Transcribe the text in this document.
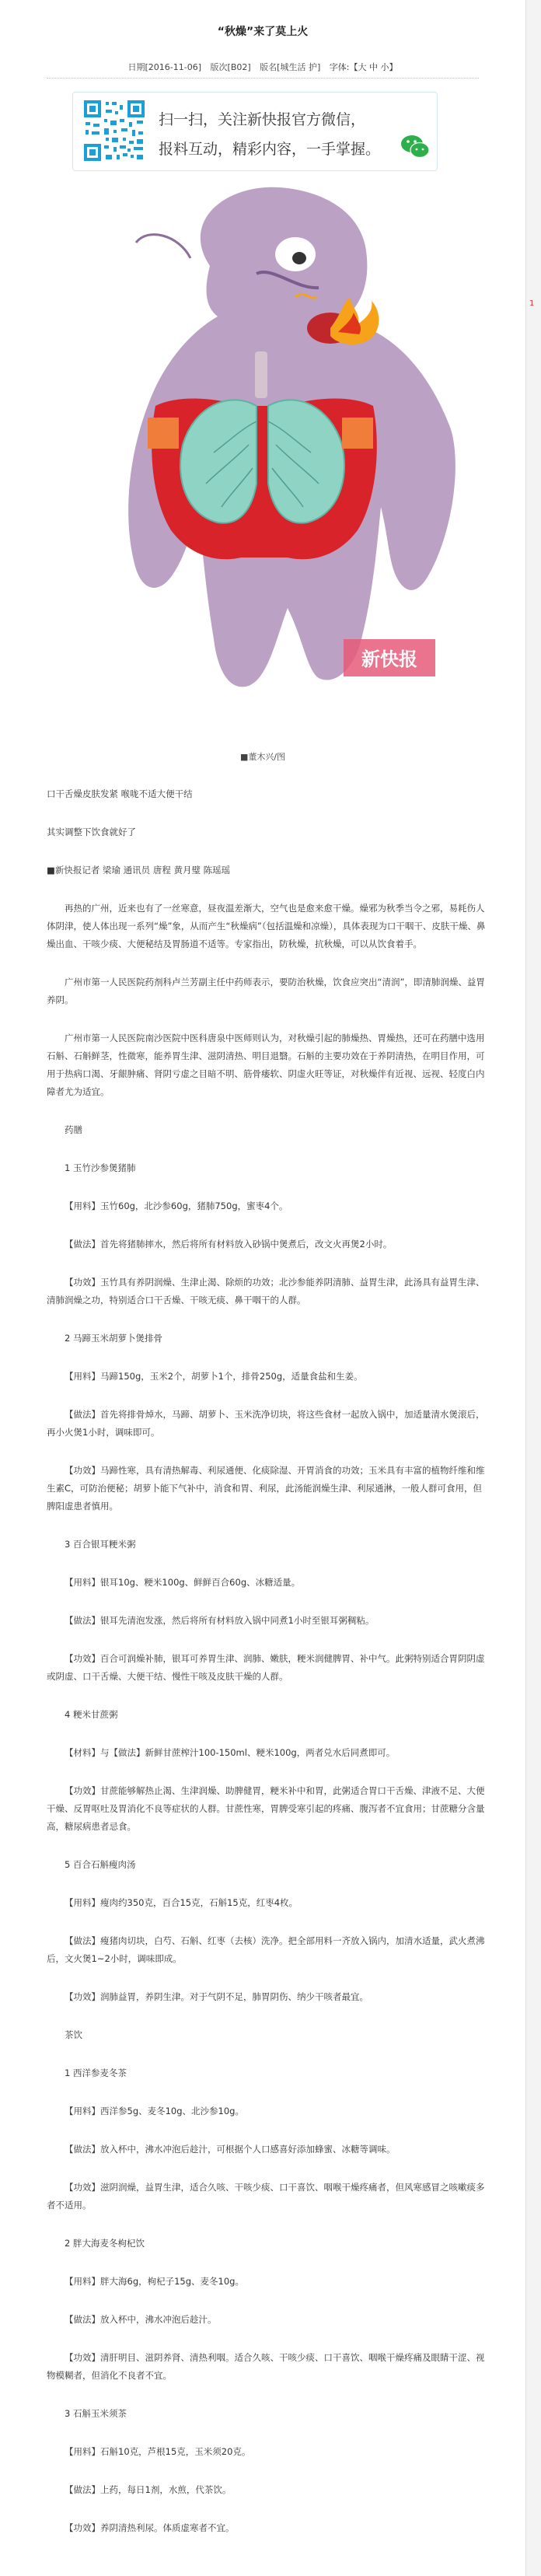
“秋燥”来了莫上火
日期[2016-11-06] 版次[B02] 版名[城生活 护] 字体:【大 中 小】
扫一扫，关注新快报官方微信，
报料互动，精彩内容，一手掌握。
新快报
■董木兴/图

口干舌燥皮肤发紧 喉咙不适大便干结

其实调整下饮食就好了

■新快报记者 梁瑜 通讯员 唐程 黄月璧 陈瑶瑶

再热的广州，近来也有了一丝寒意，昼夜温差渐大，空气也是愈来愈干燥。燥邪为秋季当令之邪，易耗伤人体阴津，使人体出现一系列“燥”象，从而产生“秋燥病”（包括温燥和凉燥），具体表现为口干咽干、皮肤干燥、鼻燥出血、干咳少痰、大便秘结及胃肠道不适等。专家指出，防秋燥，抗秋燥，可以从饮食着手。

广州市第一人民医院药剂科卢兰芳副主任中药师表示，要防治秋燥，饮食应突出“清润”，即清肺润燥、益胃养阴。

广州市第一人民医院南沙医院中医科唐泉中医师则认为，对秋燥引起的肺燥热、胃燥热，还可在药膳中选用石斛、石斛鲜茎，性微寒，能养胃生津、滋阴清热、明目退翳。石斛的主要功效在于养阴清热，在明目作用，可用于热病口渴、牙龈肿痛、肾阴亏虚之目暗不明、筋骨痿软、阴虚火旺等证，对秋燥伴有近视、远视、轻度白内障者尤为适宜。

药膳

1 玉竹沙参煲猪肺

【用料】玉竹60g，北沙参60g，猪肺750g，蜜枣4个。

【做法】首先将猪肺摔水，然后将所有材料放入砂锅中煲煮后，改文火再煲2小时。

【功效】玉竹具有养阴润燥、生津止渴、除烦的功效；北沙参能养阴清肺、益胃生津，此汤具有益胃生津、清肺润燥之功，特别适合口干舌燥、干咳无痰、鼻干咽干的人群。

2 马蹄玉米胡萝卜煲排骨

【用料】马蹄150g，玉米2个，胡萝卜1个，排骨250g，适量食盐和生姜。

【做法】首先将排骨焯水，马蹄、胡萝卜、玉米洗净切块，将这些食材一起放入锅中，加适量清水煲滚后，再小火煲1小时，调味即可。

【功效】马蹄性寒，具有清热解毒、利尿通便、化痰除湿、开胃消食的功效；玉米具有丰富的植物纤维和维生素C，可防治便秘；胡萝卜能下气补中，消食和胃、利尿，此汤能润燥生津、利尿通淋，一般人群可食用，但脾阳虚患者慎用。

3 百合银耳粳米粥

【用料】银耳10g、粳米100g、鲜鲜百合60g、冰糖适量。

【做法】银耳先清泡发涨，然后将所有材料放入锅中同煮1小时至银耳粥稠粘。

【功效】百合可润燥补肺，银耳可养胃生津、润肺、嫩肤，粳米润健脾胃、补中气。此粥特别适合胃阴阴虚或阴虚、口干舌燥、大便干结、慢性干咳及皮肤干燥的人群。

4 粳米甘蔗粥

【材料】与【做法】新鲜甘蔗榨汁100-150ml、粳米100g，两者兑水后同煮即可。

【功效】甘蔗能够解热止渴、生津润燥、助脾健胃，粳米补中和胃，此粥适合胃口干舌燥、津液不足、大便干燥、反胃呕吐及胃消化不良等症状的人群。甘蔗性寒，胃脾受寒引起的疼痛、腹泻者不宜食用；甘蔗糖分含量高，糖尿病患者忌食。

5 百合石斛瘦肉汤

【用料】瘦肉约350克，百合15克，石斛15克，红枣4枚。

【做法】瘦猪肉切块，白芍、石斛、红枣（去核）洗净。把全部用料一齐放入锅内，加清水适量，武火煮沸后，文火煲1~2小时，调味即成。

【功效】润肺益胃，养阴生津。对于气阴不足，肺胃阴伤、纳少干咳者最宜。

茶饮

1 西洋参麦冬茶

【用料】西洋参5g、麦冬10g、北沙参10g。

【做法】放入杯中，沸水冲泡后趁汁，可根据个人口感喜好添加蜂蜜、冰糖等调味。

【功效】滋阴润燥，益胃生津，适合久咳、干咳少痰、口干喜饮、咽喉干燥疼痛者，但风寒感冒之咳嗽痰多者不适用。

2 胖大海麦冬枸杞饮

【用料】胖大海6g，枸杞子15g、麦冬10g。

【做法】放入杯中，沸水冲泡后趁汁。

【功效】清肝明目、滋阴养肾、清热利咽。适合久咳、干咳少痰、口干喜饮、咽喉干燥疼痛及眼睛干涩、视物模糊者，但消化不良者不宜。

3 石斛玉米须茶

【用料】石斛10克，芦根15克，玉米须20克。

【做法】上药，每日1剂，水煎，代茶饮。

【功效】养阴清热利尿。体质虚寒者不宜。

1
